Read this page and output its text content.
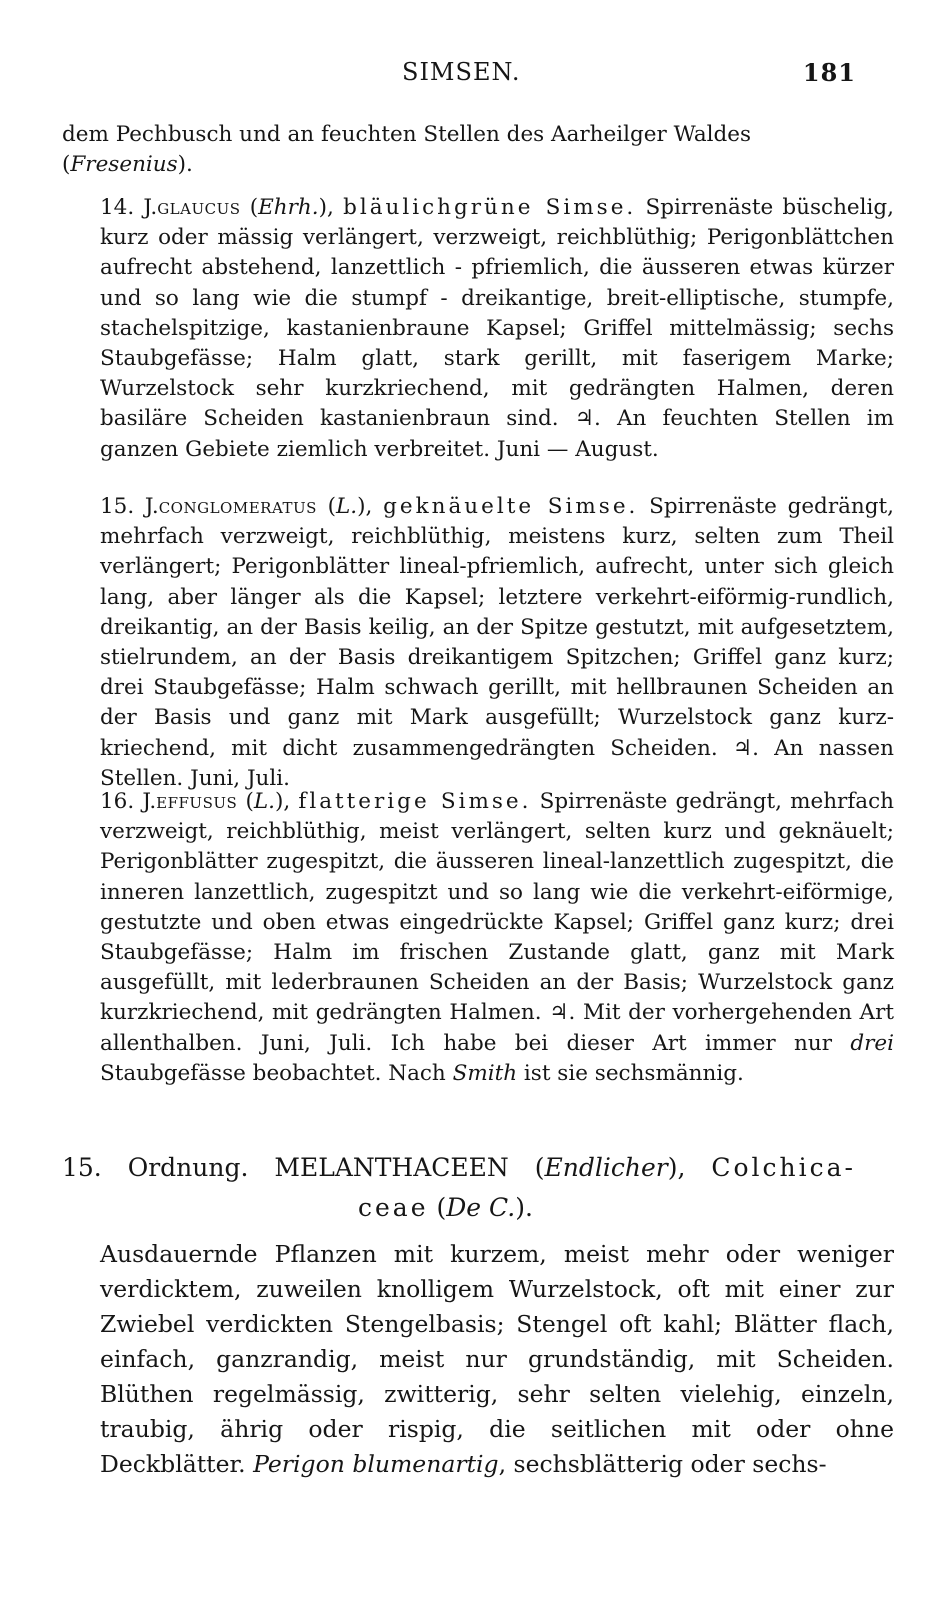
SIMSEN.	181
dem Pechbusch und an feuchten Stellen des Aarheilger Waldes
(Fresenius).
14. J.glaucus (Ehrh.), bläulichgrüne Simse. Spirrenäste büschelig, kurz oder mässig verlängert, verzweigt, reichblüthig; Perigonblättchen aufrecht abstehend, lanzettlich - pfriemlich, die äusseren etwas kürzer und so lang wie die stumpf - dreikantige, breit-elliptische, stumpfe, stachelspitzige, kastanienbraune Kapsel; Griffel mittelmässig; sechs Staubgefässe; Halm glatt, stark gerillt, mit faserigem Marke; Wurzelstock sehr kurzkriechend, mit gedrängten Halmen, deren basiläre Scheiden kastanienbraun sind. ♃. An feuchten Stellen im ganzen Gebiete ziemlich verbreitet. Juni — August.
15. J.conglomeratus (L.), geknäuelte Simse. Spirrenäste gedrängt, mehrfach verzweigt, reichblüthig, meistens kurz, selten zum Theil verlängert; Perigonblätter lineal-pfriemlich, aufrecht, unter sich gleich lang, aber länger als die Kapsel; letztere verkehrt-eiförmig-rundlich, dreikantig, an der Basis keilig, an der Spitze gestutzt, mit aufgesetztem, stielrundem, an der Basis dreikantigem Spitzchen; Griffel ganz kurz; drei Staubgefässe; Halm schwach gerillt, mit hellbraunen Scheiden an der Basis und ganz mit Mark ausgefüllt; Wurzelstock ganz kurz-kriechend, mit dicht zusammengedrängten Scheiden. ♃. An nassen Stellen. Juni, Juli.
16. J.effusus (L.), flatterige Simse. Spirrenäste gedrängt, mehrfach verzweigt, reichblüthig, meist verlängert, selten kurz und geknäuelt; Perigonblätter zugespitzt, die äusseren lineal-lanzettlich zugespitzt, die inneren lanzettlich, zugespitzt und so lang wie die verkehrt-eiförmige, gestutzte und oben etwas eingedrückte Kapsel; Griffel ganz kurz; drei Staubgefässe; Halm im frischen Zustande glatt, ganz mit Mark ausgefüllt, mit lederbraunen Scheiden an der Basis; Wurzelstock ganz kurzkriechend, mit gedrängten Halmen. ♃. Mit der vorhergehenden Art allenthalben. Juni, Juli. Ich habe bei dieser Art immer nur drei Staubgefässe beobachtet. Nach Smith ist sie sechsmännig.
15. Ordnung. MELANTHACEEN (Endlicher), Colchica-
ceae (De C.).
Ausdauernde Pflanzen mit kurzem, meist mehr oder weniger verdicktem, zuweilen knolligem Wurzelstock, oft mit einer zur Zwiebel verdickten Stengelbasis; Stengel oft kahl; Blätter flach, einfach, ganzrandig, meist nur grundständig, mit Scheiden. Blüthen regelmässig, zwitterig, sehr selten vielehig, einzeln, traubig, ährig oder rispig, die seitlichen mit oder ohne Deckblätter. Perigon blumenartig, sechsblätterig oder sechs-
